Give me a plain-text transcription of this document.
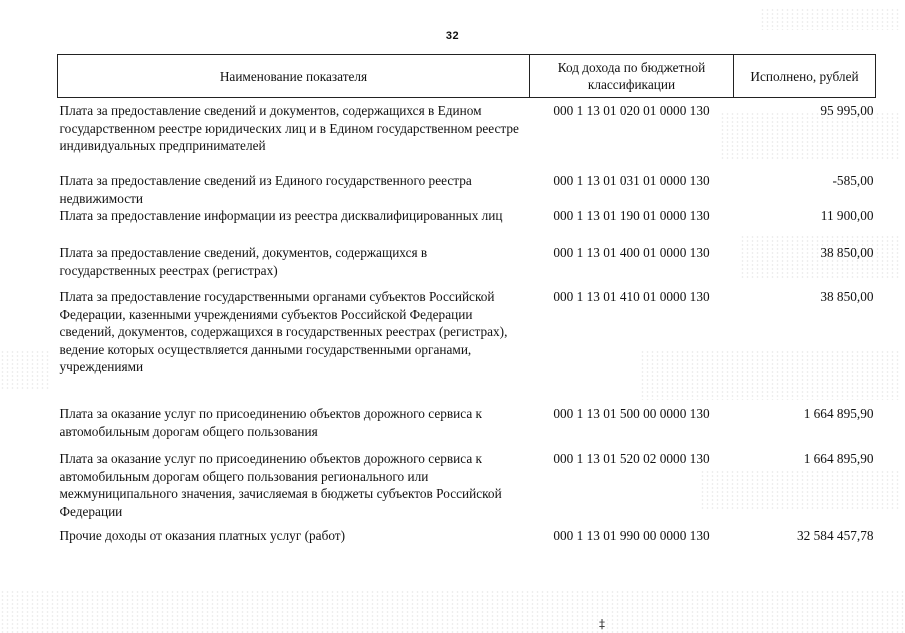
32
Наименование показателя	Код дохода по бюджетной классификации	Исполнено, рублей
Плата за предоставление сведений и документов, содержащихся в Едином государственном реестре юридических лиц и в Едином государственном реестре индивидуальных предпринимателей	000 1 13 01 020 01 0000 130	95 995,00
Плата за предоставление сведений из Единого государственного реестра недвижимости	000 1 13 01 031 01 0000 130	-585,00
Плата за предоставление информации из реестра дисквалифицированных лиц	000 1 13 01 190 01 0000 130	11 900,00
Плата за предоставление сведений, документов, содержащихся в государственных реестрах (регистрах)	000 1 13 01 400 01 0000 130	38 850,00
Плата за предоставление государственными органами субъектов Российской Федерации, казенными учреждениями субъектов Российской Федерации сведений, документов, содержащихся в государственных реестрах (регистрах), ведение которых осуществляется данными государственными органами, учреждениями	000 1 13 01 410 01 0000 130	38 850,00
Плата за оказание услуг по присоединению объектов дорожного сервиса к автомобильным дорогам общего пользования	000 1 13 01 500 00 0000 130	1 664 895,90
Плата за оказание услуг по присоединению объектов дорожного сервиса к автомобильным дорогам общего пользования регионального или межмуниципального значения, зачисляемая в бюджеты субъектов Российской Федерации	000 1 13 01 520 02 0000 130	1 664 895,90
Прочие доходы от оказания платных услуг (работ)	000 1 13 01 990 00 0000 130	32 584 457,78
‡
